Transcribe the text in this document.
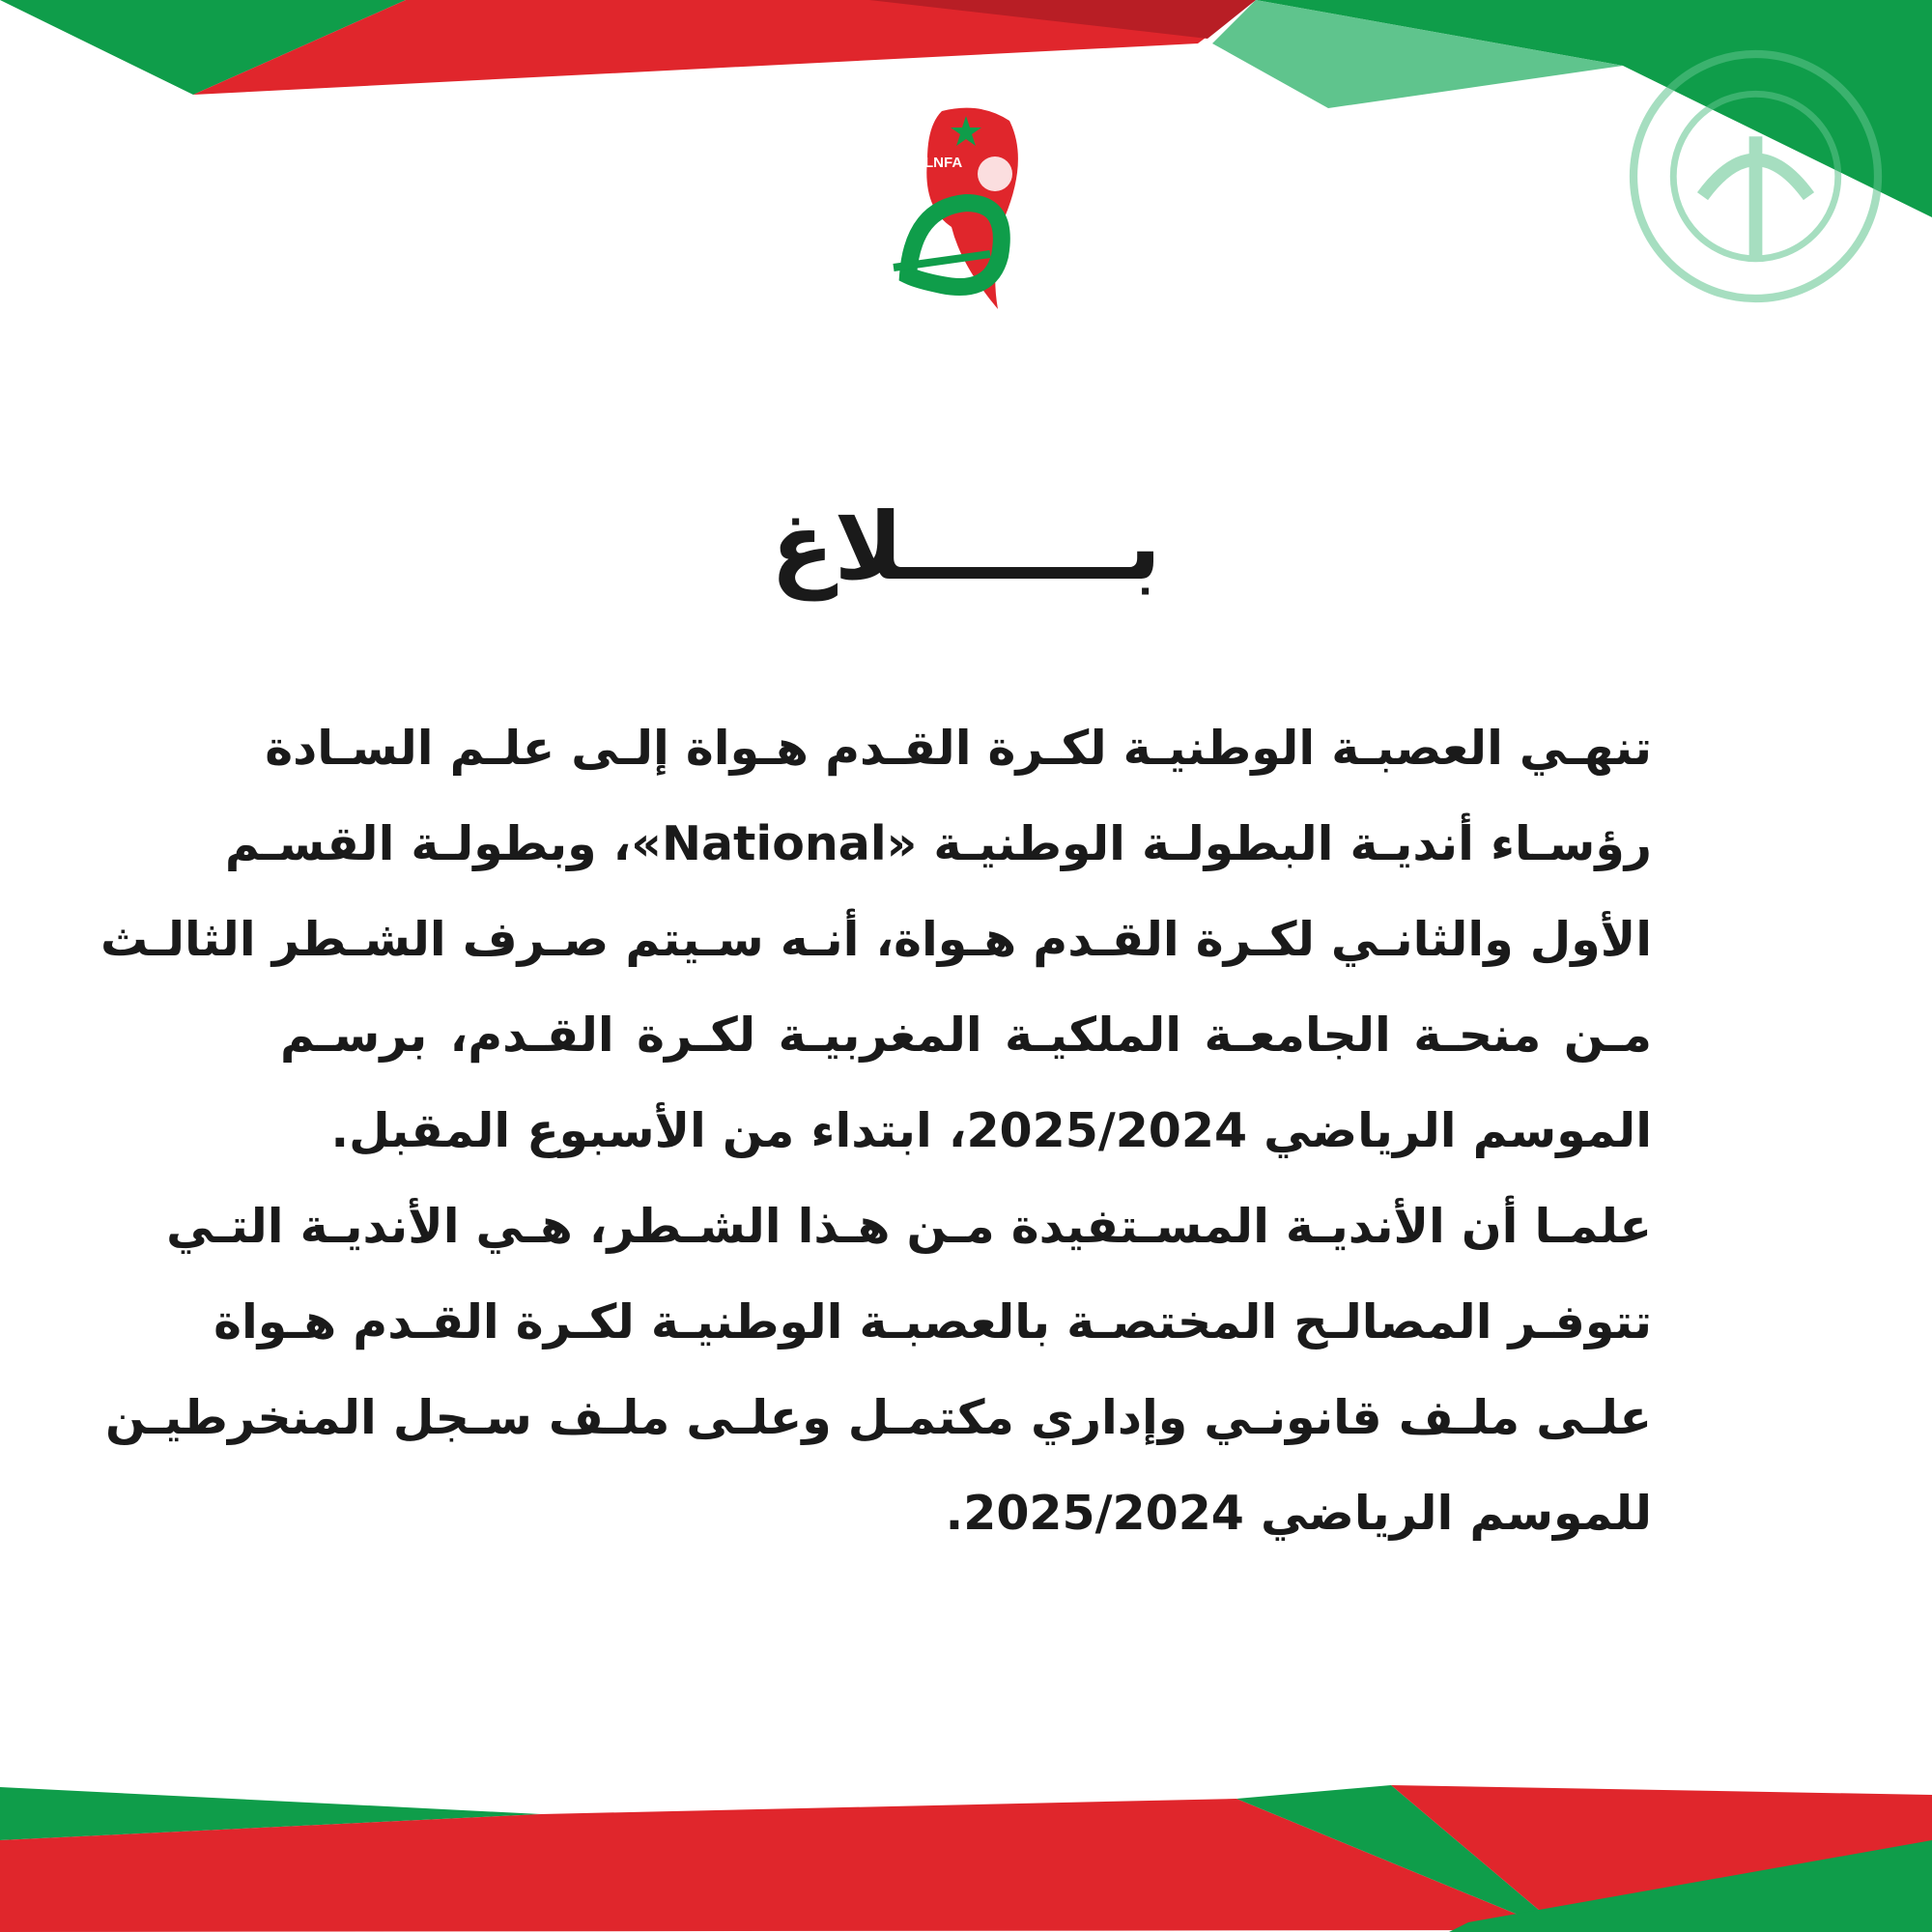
LNFA
بـــــــلاغ
تنهـي العصبـة الوطنيـة لكـرة القـدم هـواة إلـى علـم السـادة
رؤسـاء أنديـة البطولـة الوطنيـة «National»، وبطولـة القسـم
الأول والثانـي لكـرة القـدم هـواة، أنـه سـيتم صـرف الشـطر الثالـث
مـن منحـة الجامعـة الملكيـة المغربيـة لكـرة القـدم، برسـم
الموسم الرياضي 2025/2024، ابتداء من الأسبوع المقبل.
علمـا أن الأنديـة المسـتفيدة مـن هـذا الشـطر، هـي الأنديـة التـي
تتوفـر المصالـح المختصـة بالعصبـة الوطنيـة لكـرة القـدم هـواة
علـى ملـف قانونـي وإداري مكتمـل وعلـى ملـف سـجل المنخرطيـن
للموسم الرياضي 2025/2024.
